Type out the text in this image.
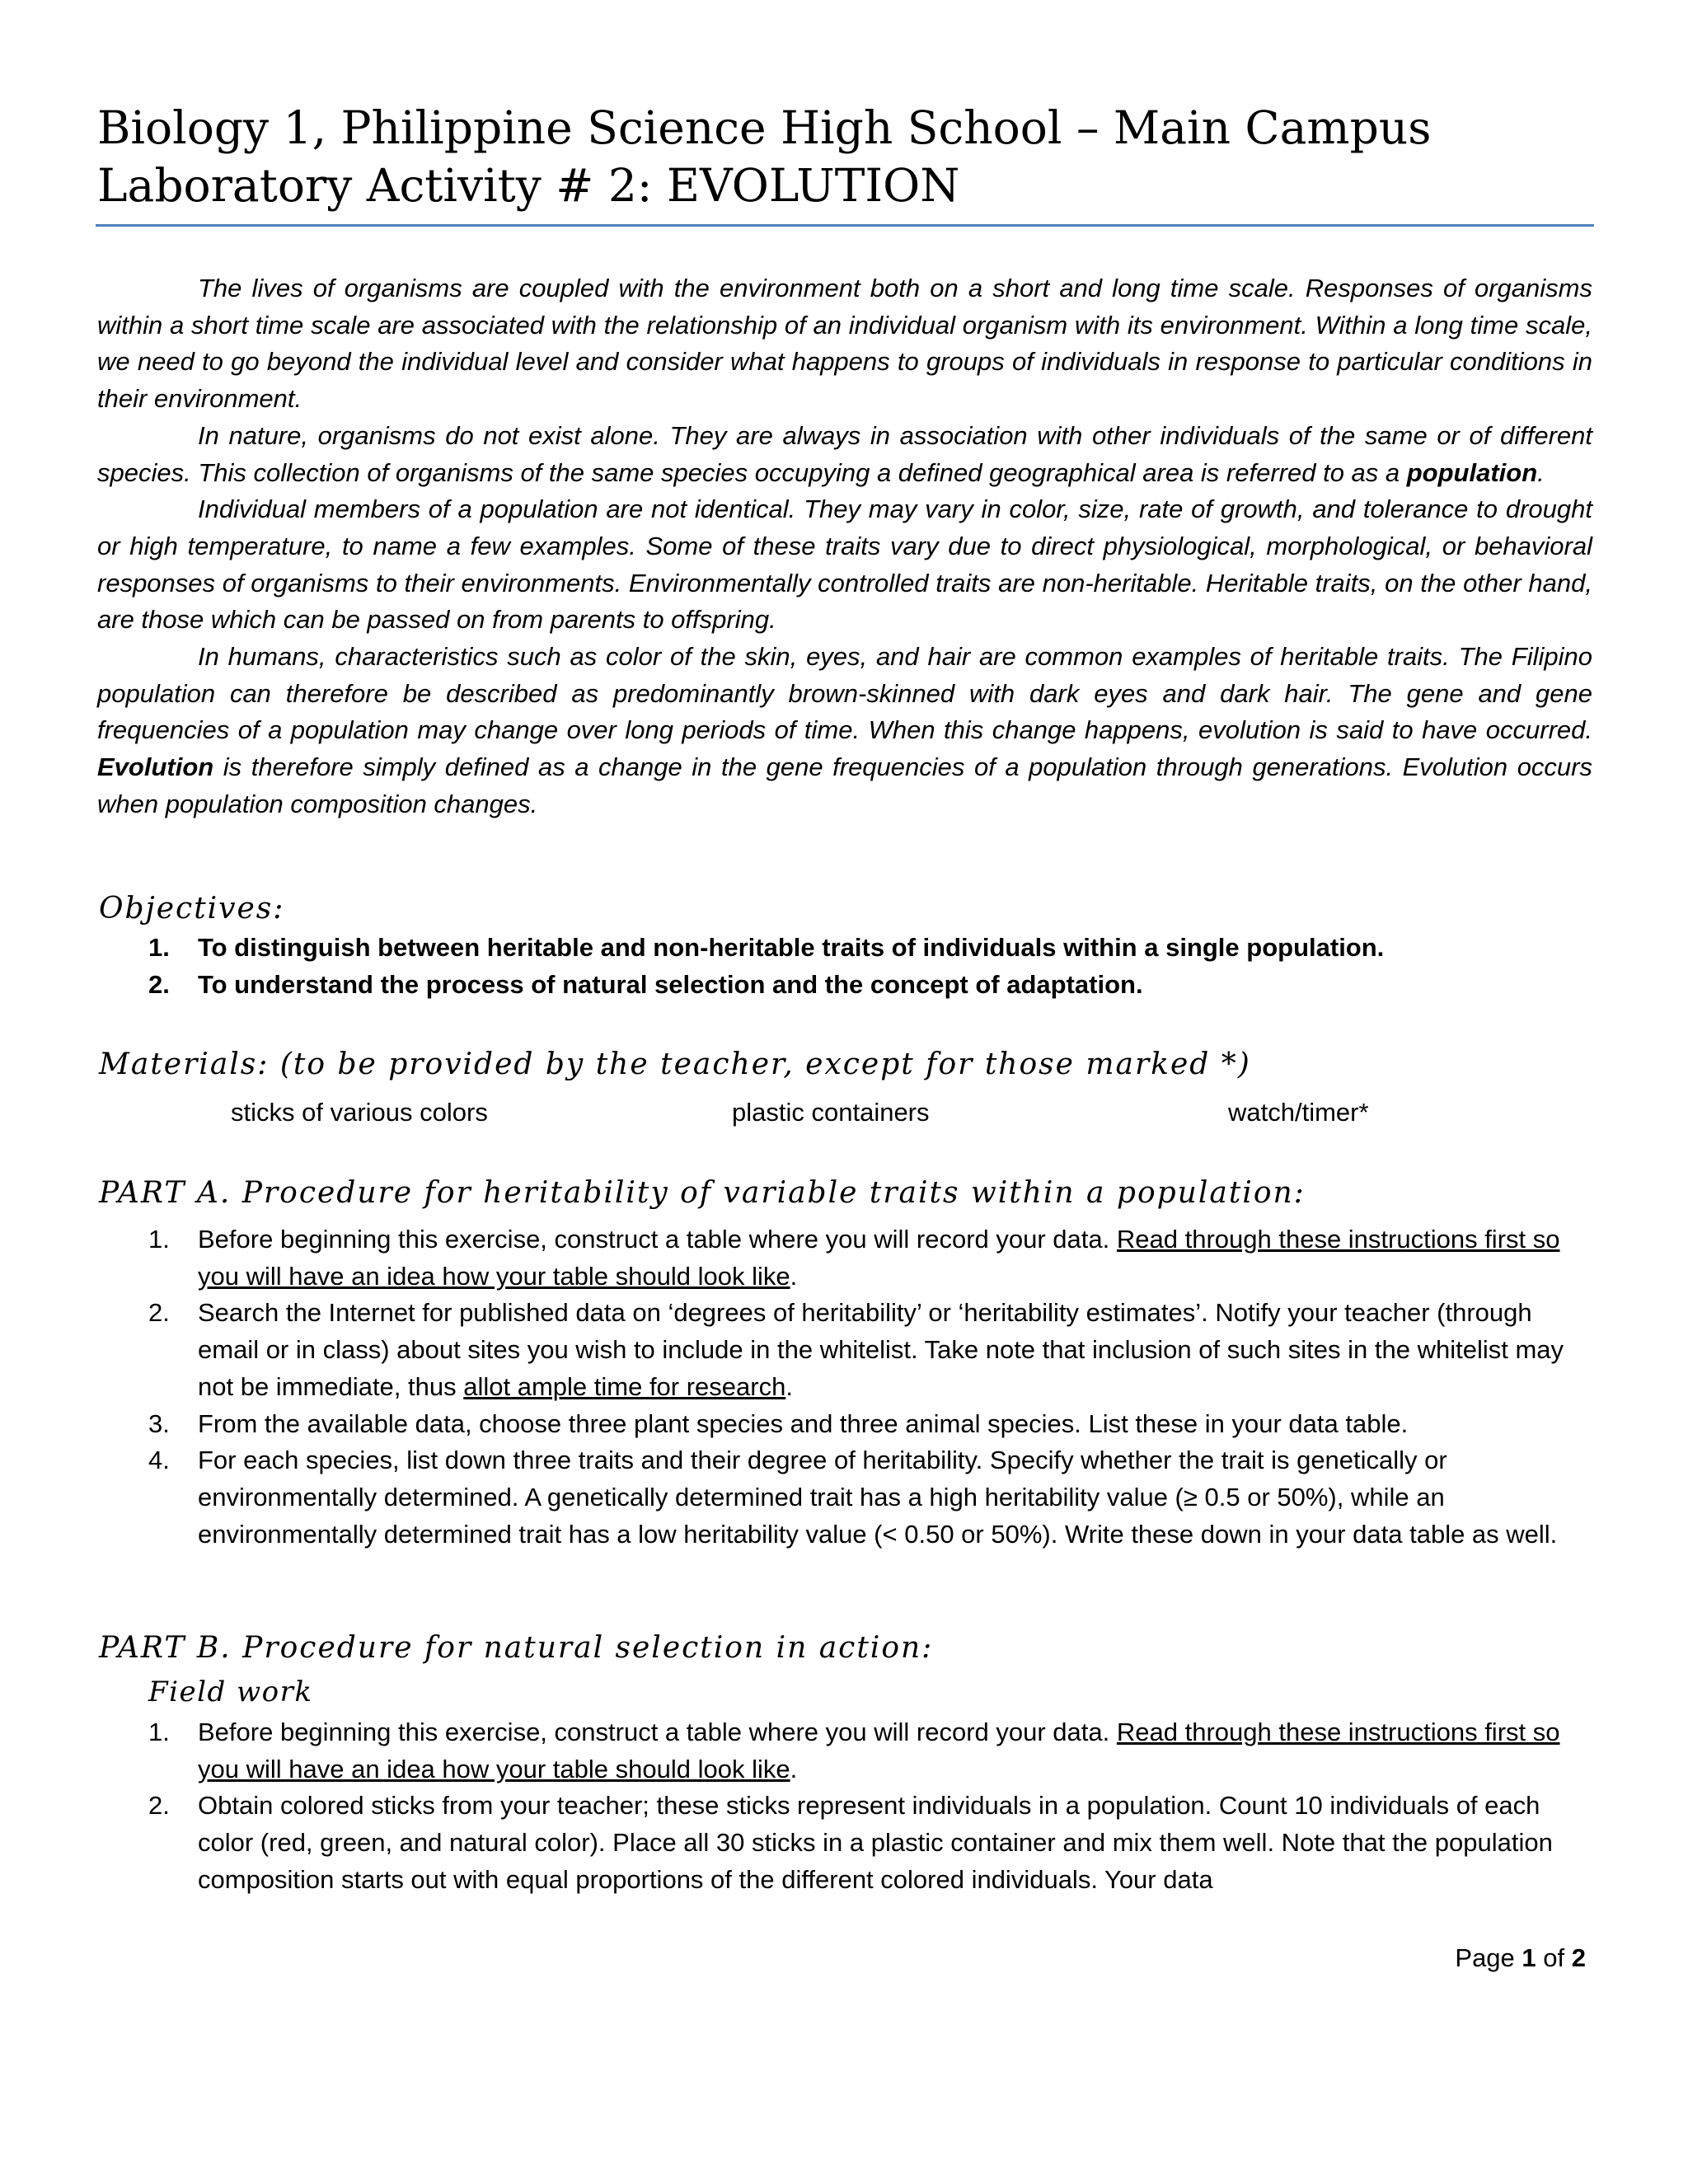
Biology 1, Philippine Science High School – Main Campus
Laboratory Activity # 2: EVOLUTION

The lives of organisms are coupled with the environment both on a short and long time scale. Responses of organisms within a short time scale are associated with the relationship of an individual organism with its environment. Within a long time scale, we need to go beyond the individual level and consider what happens to groups of individuals in response to particular conditions in their environment.

In nature, organisms do not exist alone. They are always in association with other individuals of the same or of different species. This collection of organisms of the same species occupying a defined geographical area is referred to as a population.

Individual members of a population are not identical. They may vary in color, size, rate of growth, and tolerance to drought or high temperature, to name a few examples. Some of these traits vary due to direct physiological, morphological, or behavioral responses of organisms to their environments. Environmentally controlled traits are non-heritable. Heritable traits, on the other hand, are those which can be passed on from parents to offspring.

In humans, characteristics such as color of the skin, eyes, and hair are common examples of heritable traits. The Filipino population can therefore be described as predominantly brown-skinned with dark eyes and dark hair. The gene and gene frequencies of a population may change over long periods of time. When this change happens, evolution is said to have occurred. Evolution is therefore simply defined as a change in the gene frequencies of a population through generations. Evolution occurs when population composition changes.

Objectives:
1. To distinguish between heritable and non-heritable traits of individuals within a single population.
2. To understand the process of natural selection and the concept of adaptation.
Materials: (to be provided by the teacher, except for those marked *)
sticks of various colors	plastic containers	watch/timer*
PART A. Procedure for heritability of variable traits within a population:
1. Before beginning this exercise, construct a table where you will record your data. Read through these instructions first so you will have an idea how your table should look like.
2. Search the Internet for published data on ‘degrees of heritability’ or ‘heritability estimates’. Notify your teacher (through email or in class) about sites you wish to include in the whitelist. Take note that inclusion of such sites in the whitelist may not be immediate, thus allot ample time for research.
3. From the available data, choose three plant species and three animal species. List these in your data table.
4. For each species, list down three traits and their degree of heritability. Specify whether the trait is genetically or environmentally determined. A genetically determined trait has a high heritability value (≥ 0.5 or 50%), while an environmentally determined trait has a low heritability value (< 0.50 or 50%). Write these down in your data table as well.
PART B. Procedure for natural selection in action:
Field work
1. Before beginning this exercise, construct a table where you will record your data. Read through these instructions first so you will have an idea how your table should look like.
2. Obtain colored sticks from your teacher; these sticks represent individuals in a population. Count 10 individuals of each color (red, green, and natural color). Place all 30 sticks in a plastic container and mix them well. Note that the population composition starts out with equal proportions of the different colored individuals. Your data
Page 1 of 2
